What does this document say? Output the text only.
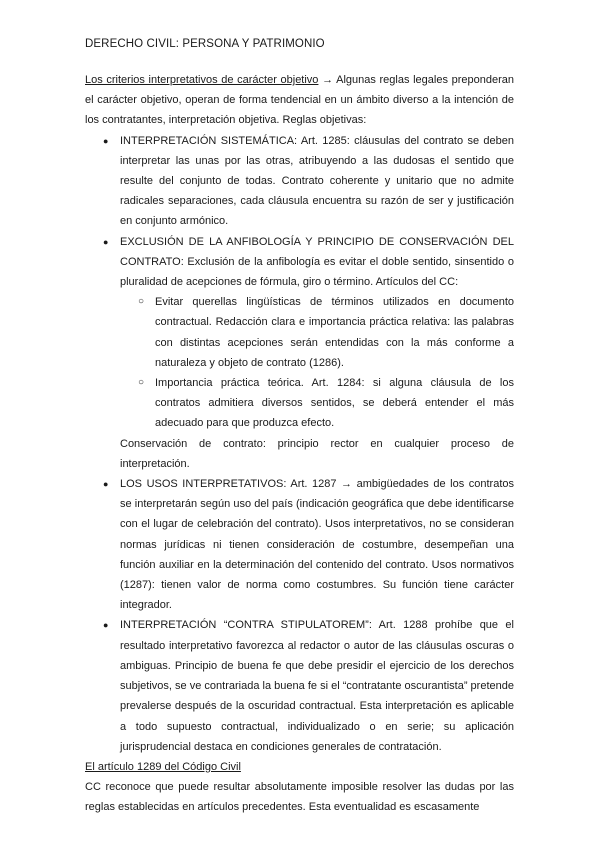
DERECHO CIVIL: PERSONA Y PATRIMONIO

Los criterios interpretativos de carácter objetivo → Algunas reglas legales preponderan el carácter objetivo, operan de forma tendencial en un ámbito diverso a la intención de los contratantes, interpretación objetiva. Reglas objetivas:

● INTERPRETACIÓN SISTEMÁTICA: Art. 1285: cláusulas del contrato se deben interpretar las unas por las otras, atribuyendo a las dudosas el sentido que resulte del conjunto de todas. Contrato coherente y unitario que no admite radicales separaciones, cada cláusula encuentra su razón de ser y justificación en conjunto armónico.
● EXCLUSIÓN DE LA ANFIBOLOGÍA Y PRINCIPIO DE CONSERVACIÓN DEL CONTRATO: Exclusión de la anfibología es evitar el doble sentido, sinsentido o pluralidad de acepciones de fórmula, giro o término. Artículos del CC:
○ Evitar querellas lingüísticas de términos utilizados en documento contractual. Redacción clara e importancia práctica relativa: las palabras con distintas acepciones serán entendidas con la más conforme a naturaleza y objeto de contrato (1286).
○ Importancia práctica teórica. Art. 1284: si alguna cláusula de los contratos admitiera diversos sentidos, se deberá entender el más adecuado para que produzca efecto.

Conservación de contrato: principio rector en cualquier proceso de interpretación.

● LOS USOS INTERPRETATIVOS: Art. 1287 → ambigüedades de los contratos se interpretarán según uso del país (indicación geográfica que debe identificarse con el lugar de celebración del contrato). Usos interpretativos, no se consideran normas jurídicas ni tienen consideración de costumbre, desempeñan una función auxiliar en la determinación del contenido del contrato. Usos normativos (1287): tienen valor de norma como costumbres. Su función tiene carácter integrador.
● INTERPRETACIÓN “CONTRA STIPULATOREM”: Art. 1288 prohíbe que el resultado interpretativo favorezca al redactor o autor de las cláusulas oscuras o ambiguas. Principio de buena fe que debe presidir el ejercicio de los derechos subjetivos, se ve contrariada la buena fe si el “contratante oscurantista” pretende prevalerse después de la oscuridad contractual. Esta interpretación es aplicable a todo supuesto contractual, individualizado o en serie; su aplicación jurisprudencial destaca en condiciones generales de contratación.

El artículo 1289 del Código Civil

CC reconoce que puede resultar absolutamente imposible resolver las dudas por las reglas establecidas en artículos precedentes. Esta eventualidad es escasamente
